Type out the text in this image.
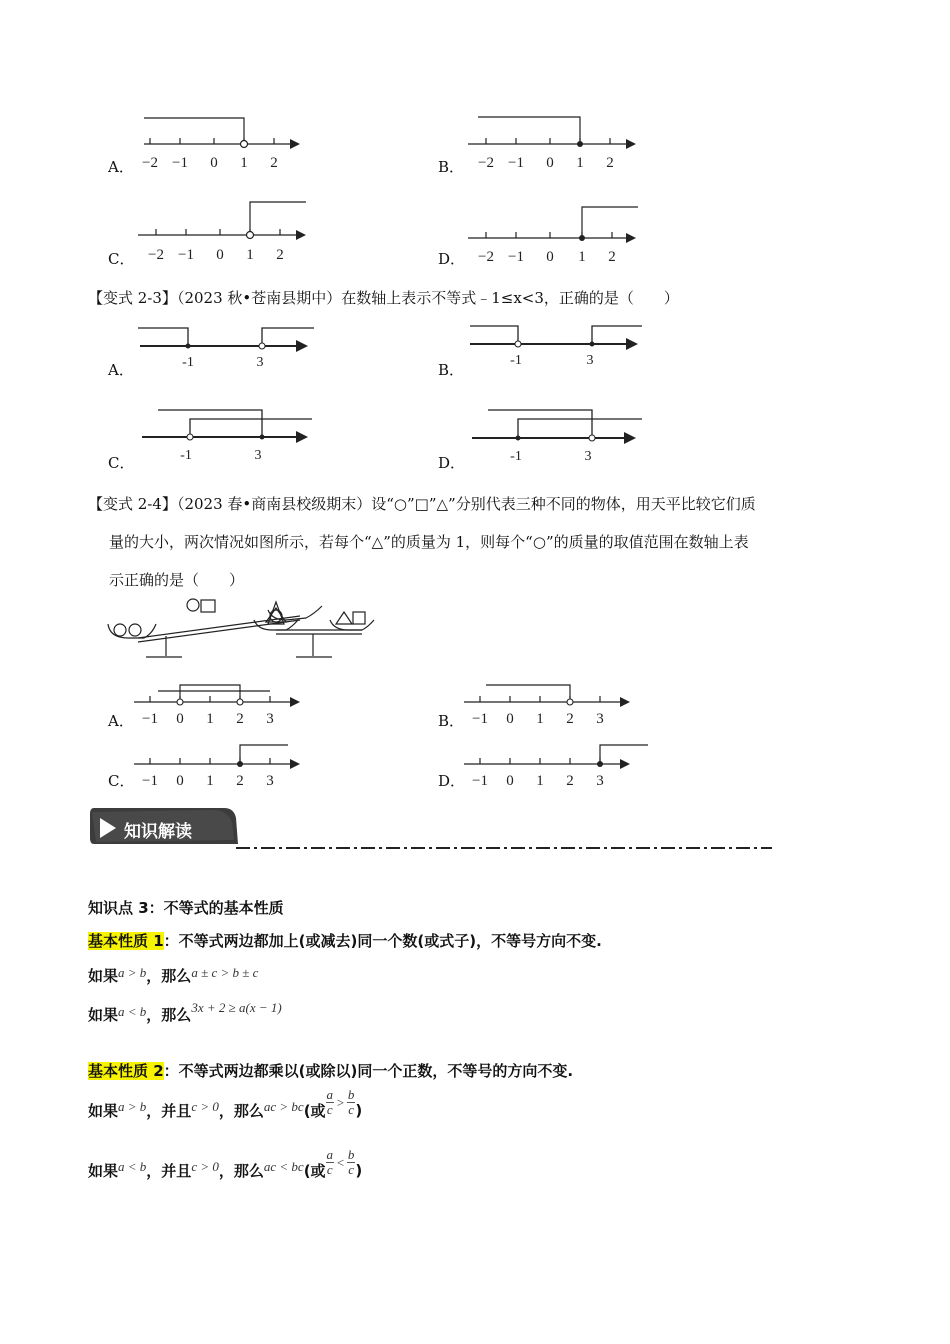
A． −2 −1 0 1 2	B． −2 −1 0 1 2
C． −2 −1 0 1 2	D． −2 −1 0 1 2
【变式 2-3】（2023 秋•苍南县期中）在数轴上表示不等式﹣1≤x<3，正确的是（　　）
A．	-1	3	B．
-1	3
C．	-1	3	D．	-1	3
【变式 2-4】（2023 春•商南县校级期末）设“○”□”△”分别代表三种不同的物体，用天平比较它们质
量的大小，两次情况如图所示，若每个“△”的质量为 1，则每个“○”的质量的取值范围在数轴上表
示正确的是（　　）
A． −1 0 1 2 3	B． −1 0 1 2 3
C． −1 0 1 2 3	D． −1 0 1 2 3
知识解读
知识点 3：不等式的基本性质
基本性质 1：不等式两边都加上(或减去)同一个数(或式子)，不等号方向不变.
如果a > b，那么a ± c > b ± c
如果a < b，那么3x + 2 ≥ a(x − 1)
基本性质 2：不等式两边都乘以(或除以)同一个正数，不等号的方向不变.
如果a > b，并且c > 0，那么ac > bc(或 $\frac{a}{c} > \frac{b}{c}$ )
如果a < b，并且c > 0，那么ac < bc(或 $\frac{a}{c} < \frac{b}{c}$ )
